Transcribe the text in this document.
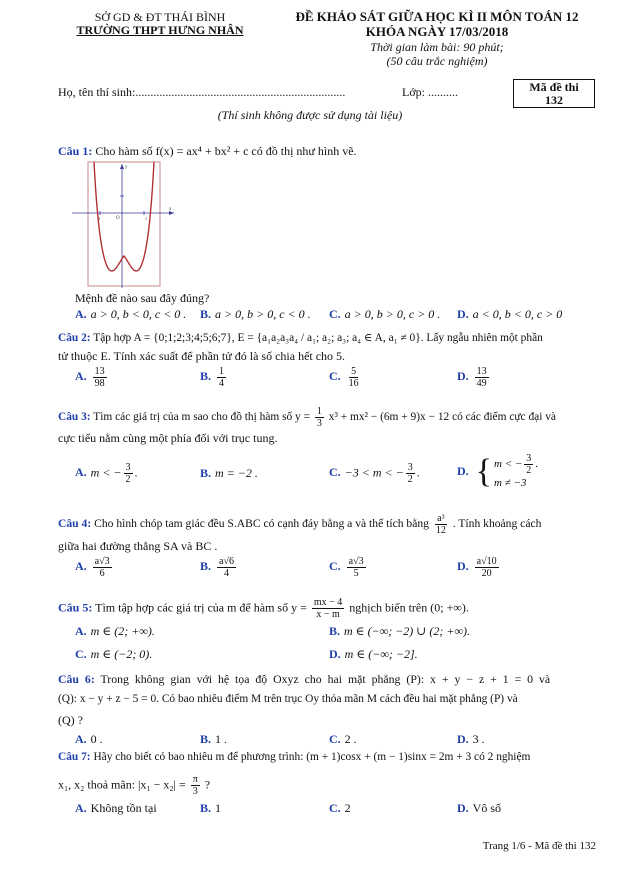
SỞ GD & ĐT THÁI BÌNH
TRƯỜNG THPT HƯNG NHÂN
ĐỀ KHẢO SÁT GIỮA HỌC KÌ II MÔN TOÁN 12
KHÓA NGÀY 17/03/2018
Thời gian làm bài: 90 phút;
(50 câu trắc nghiệm)
Họ, tên thí sinh:......................................................................	Lớp: ..........	Mã đề thi
132
(Thí sinh không được sử dụng tài liệu)
Câu 1: Cho hàm số f(x) = ax⁴ + bx² + c có đồ thị như hình vẽ.
x
y
O	1
-1
Mệnh đề nào sau đây đúng?
A. a > 0, b < 0, c < 0 . B. a > 0, b > 0, c < 0 . C. a > 0, b > 0, c > 0 . D. a < 0, b < 0, c > 0
Câu 2: Tập hợp A = {0;1;2;3;4;5;6;7}, E = {a₁a₂a₃a₄ / a₁; a₂; a₃; a₄ ∈ A, a₁ ≠ 0}. Lấy ngẫu nhiên một phần
tử thuộc E. Tính xác suất để phần tử đó là số chia hết cho 5.
A. $\frac{13}{98}$	B. $\frac{1}{4}$	C. $\frac{5}{16}$	D. $\frac{13}{49}$
Câu 3: Tìm các giá trị của m sao cho đồ thị hàm số $y = \frac{1}{3} x^3 + mx^2 - (6m + 9)x - 12$ có các điểm cực đại và
cực tiểu nằm cùng một phía đối với trục tung.
A. m < − $\frac{3}{2}$ .	B. m = −2 .	C. −3 < m < − $\frac{3}{2}$ .	D. { m < − $\frac{3}{2}$ .
m ≠ −3
Câu 4: Cho hình chóp tam giác đều S.ABC có cạnh đáy bằng a và thể tích bằng $\frac{\text{a³}}{12}$ . Tính khoảng cách
giữa hai đường thẳng SA và BC .
A. $\frac{a√3}{6}$	B. $\frac{a√6}{4}$	C. $\frac{a√3}{5}$	D. $\frac{a√10}{20}$
Câu 5: Tìm tập hợp các giá trị của m để hàm số $y = \frac{mx - 4}{x - m}$ nghịch biến trên (0; +∞).
A. m ∈ (2; +∞).	B. m ∈ (−∞; −2) ∪ (2; +∞).
C. m ∈ (−2; 0).	D. m ∈ (−∞; −2].
Câu 6: Trong không gian với hệ tọa độ Oxyz cho hai mặt phẳng (P): x + y − z + 1 = 0 và
(Q): x − y + z − 5 = 0. Có bao nhiêu điểm M trên trục Oy thỏa mãn M cách đều hai mặt phẳng (P) và
(Q) ?
A. 0 .	B. 1 .	C. 2 .	D. 3 .
Câu 7: Hãy cho biết có bao nhiêu m để phương trình: (m + 1)cosx + (m − 1)sinx = 2m + 3 có 2 nghiệm
x₁, x₂ thoả mãn: $|x_1 - x_2| = \frac{\pi}{3}$ ?
A. Không tồn tại	B. 1	C. 2	D. Vô số
Trang 1/6 - Mã đề thi 132
